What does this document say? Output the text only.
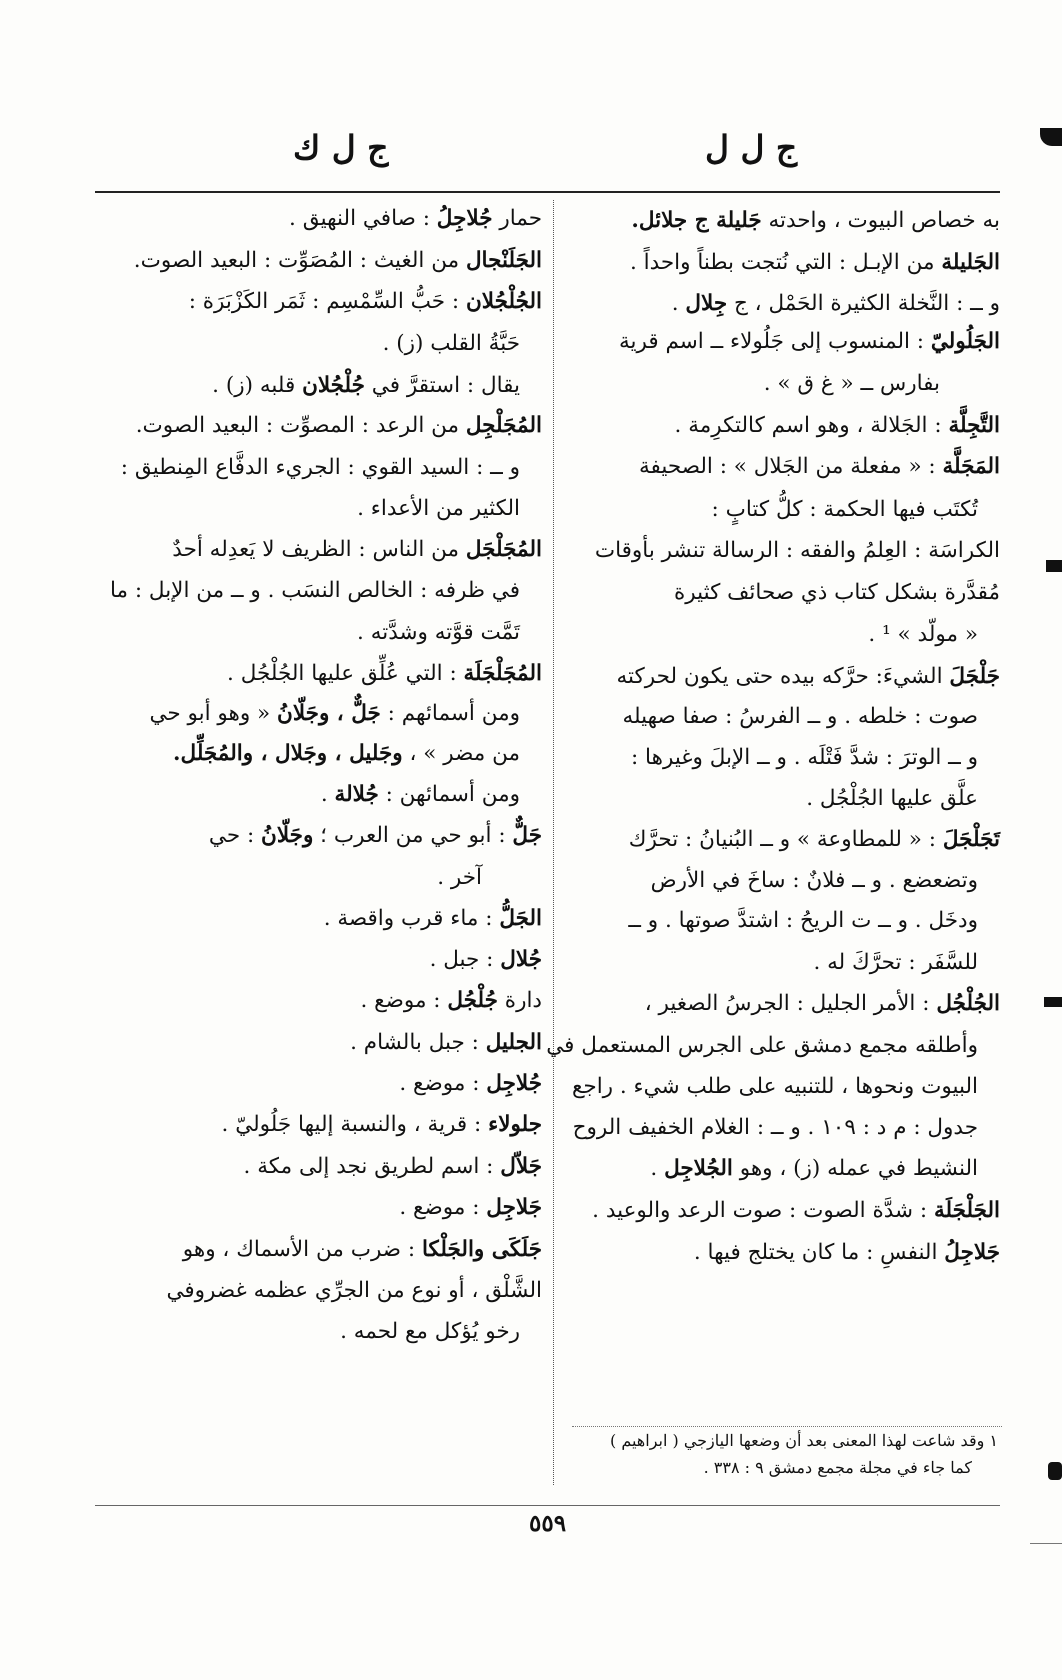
ج ل ل
ج ل ك
به خصاص البيوت ، واحدته جَليلة ج جلائل.
الجَليلة من الإبـل : التي نُتجت بطناً واحداً .
و ــ : النَّخلة الكثيرة الحَمْل ، ج جِلال .
الجَلُوليّ : المنسوب إلى جَلُولاء ــ اسم قرية
بفارس ــ « غ ق » .
التَّجِلَّة : الجَلالة ، وهو اسم كالتكرِمة .
المَجَلَّة : « مفعلة من الجَلال » : الصحيفة
تُكتَب فيها الحكمة : كلُّ كتابٍ :
الكراسَة : العِلمُ والفقه : الرسالة تنشر بأوقات
مُقدَّرة بشكل كتاب ذي صحائف كثيرة
« مولّد » ¹ .
جَلْجَلَ الشيءَ: حرَّكه بيده حتى يكون لحركته
صوت : خلطه . و ــ الفرسُ : صفا صهيله
و ــ الوترَ : شدَّ فَتْلَه . و ــ الإبلَ وغيرها :
علَّق عليها الجُلْجُل .
تَجَلْجَلَ : « للمطاوعة » و ــ البُنيانُ : تحرَّك
وتضعضع . و ــ فلانٌ : ساخَ في الأرض
ودخَل . و ــ ت الريحُ : اشتدَّ صوتها . و ــ
للسَّفَر : تحرَّكَ له .
الجُلْجُل : الأمر الجليل : الجرسُ الصغير ،
وأطلقه مجمع دمشق على الجرس المستعمل في
البيوت ونحوها ، للتنبيه على طلب شيء . راجع
جدول : م د : ١٠٩ . و ــ : الغلام الخفيف الروح
النشيط في عمله (ز) ، وهو الجُلاجِل .
الجَلْجَلَة : شدَّة الصوت : صوت الرعد والوعيد .
جَلاجِلُ النفسِ : ما كان يختلج فيها .
حمار جُلاجِلُ : صافي النهيق .
الجَلَنْجال من الغيث : المُصَوِّت : البعيد الصوت.
الجُلْجُلان : حَبُّ السِّمْسِم : ثَمَر الكَزْبَرَة :
حَبَّةُ القلب (ز) .
يقال : استقرَّ في جُلْجُلان قلبه (ز) .
المُجَلْجِل من الرعد : المصوِّت : البعيد الصوت.
و ــ : السيد القوي : الجريء الدفَّاع المِنطيق :
الكثير من الأعداء .
المُجَلْجَل من الناس : الظريف لا يَعدِله أحدٌ
في ظرفه : الخالص النسَب . و ــ من الإبل : ما
تَمَّت قوَّته وشدَّته .
المُجَلْجَلَة : التي عُلِّق عليها الجُلْجُل .
ومن أسمائهم : جَلٌّ ، وجَلّانُ « وهو أبو حي
من مضر » ، وجَليل ، وجَلال ، والمُجَلِّل.
ومن أسمائهن : جُلالة .
جَلٌّ : أبو حي من العرب ؛ وجَلّانُ : حي
آخر .
الجَلُّ : ماء قرب واقصة .
جُلال : جبل .
دارة جُلْجُل : موضع .
الجليل : جبل بالشام .
جُلاجِل : موضع .
جلولاء : قرية ، والنسبة إليها جَلُوليّ .
جَلاّل : اسم لطريق نجد إلى مكة .
جَلاجِل : موضع .
جَلَكَى والجَلْكا : ضرب من الأسماك ، وهو
الشَّلْق ، أو نوع من الجرِّي عظمه غضروفي
رخو يُؤكل مع لحمه .
١ وقد شاعت لهذا المعنى بعد أن وضعها اليازجي ( ابراهيم )
كما جاء في مجلة مجمع دمشق ٩ : ٣٣٨ .
٥٥٩
